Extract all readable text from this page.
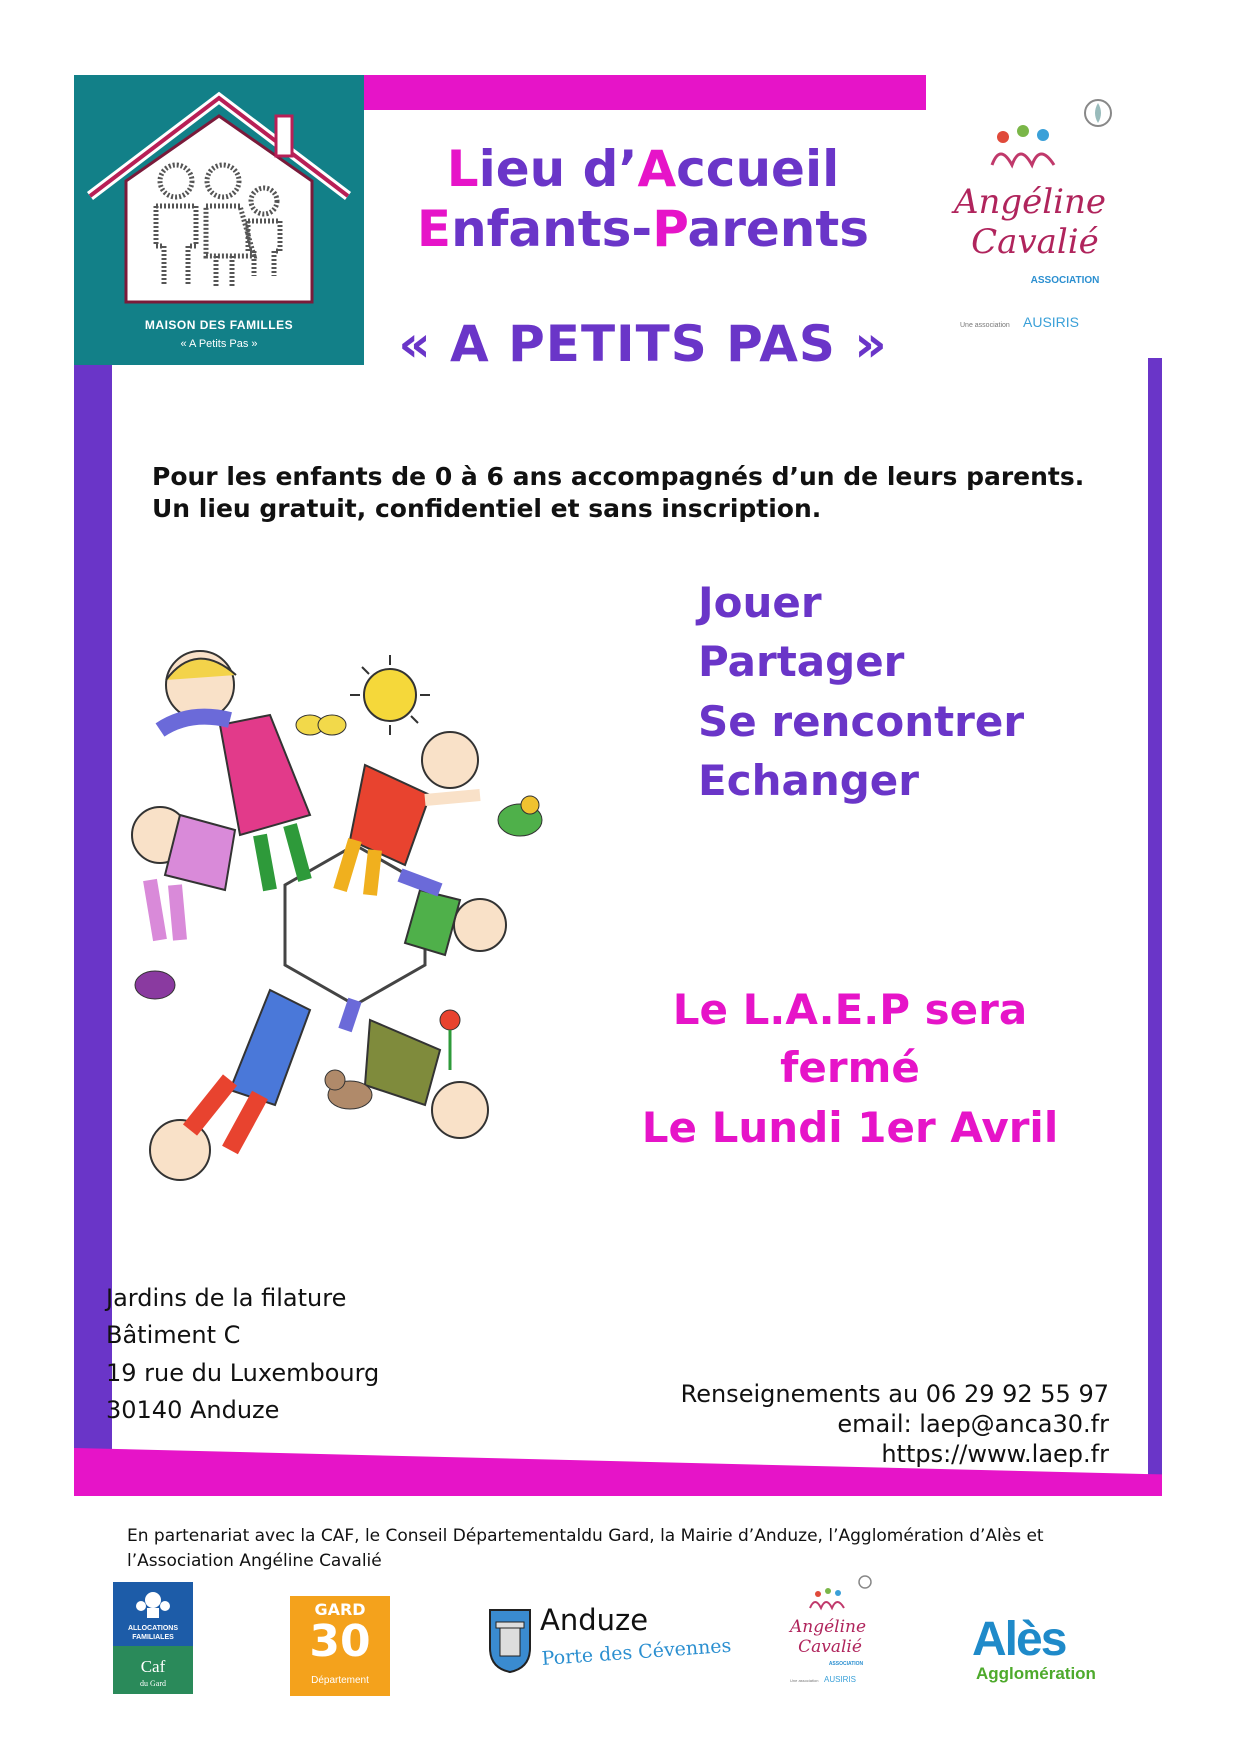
MAISON DES FAMILLES
« A Petits Pas »
Lieu d’Accueil
Enfants-Parents
« A PETITS PAS »
Angéline
Cavalié
ASSOCIATION
Une association AUSIRIS
Pour les enfants de 0 à 6 ans accompagnés d’un de leurs parents.
Un lieu gratuit, confidentiel et sans inscription.
Jouer
Partager
Se rencontrer
Echanger
Le L.A.E.P sera
fermé
Le Lundi 1er Avril
Jardins de la filature
Bâtiment C
19 rue du Luxembourg
30140 Anduze
Renseignements au 06 29 92 55 97
email: laep@anca30.fr
https://www.laep.fr
En partenariat avec la CAF, le Conseil Départementaldu Gard, la Mairie d’Anduze, l’Agglomération d’Alès et
l’Association Angéline Cavalié
ALLOCATIONS
FAMILIALES
Caf
du Gard
GARD
30
Département
Anduze
Porte des Cévennes
Angéline
Cavalié
ASSOCIATION
Une association AUSIRIS
Alès
Agglomération
